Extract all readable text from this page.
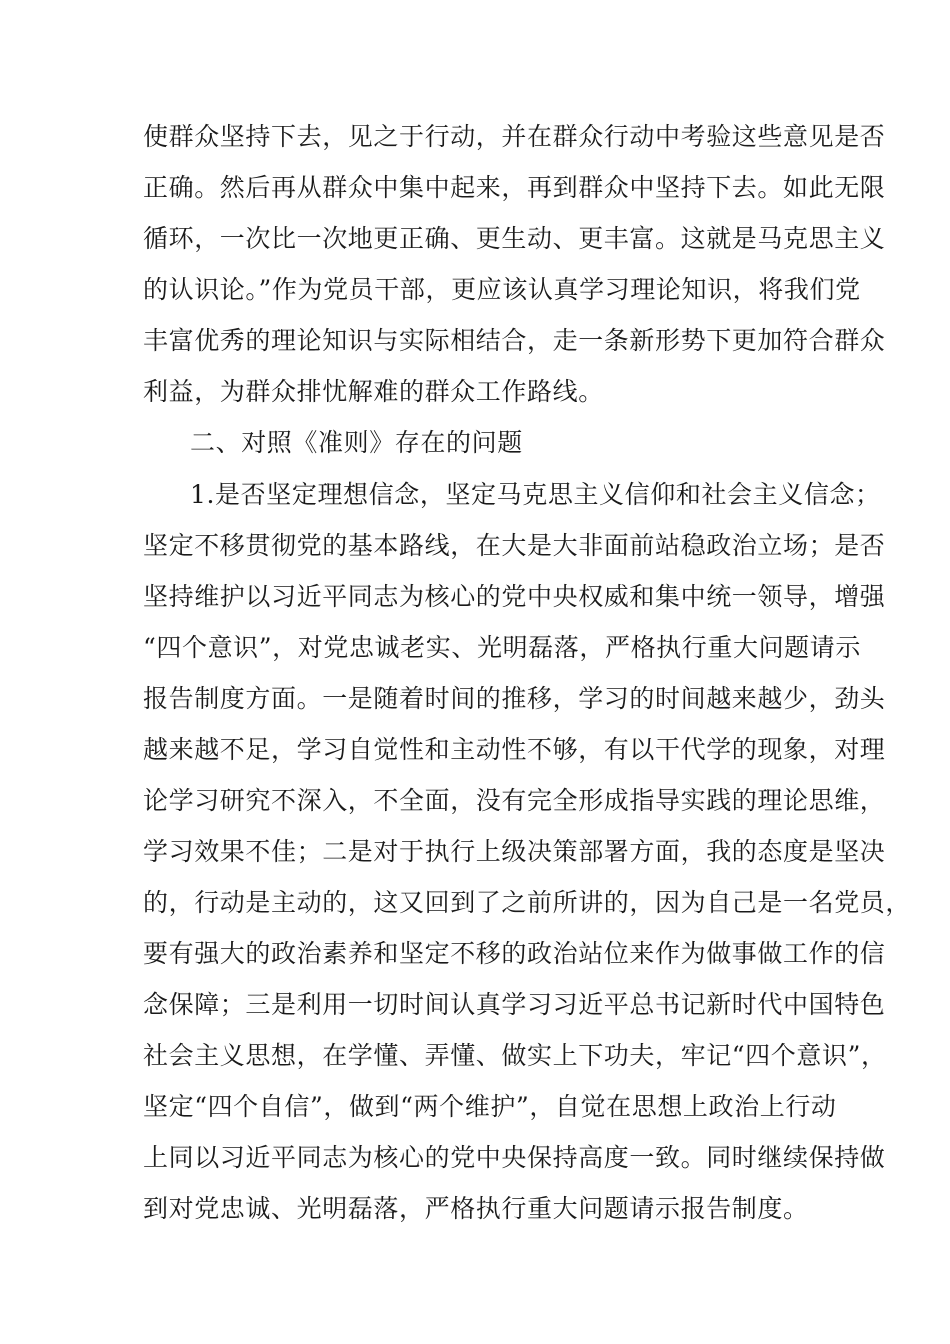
使群众坚持下去，见之于行动，并在群众行动中考验这些意见是否
正确。然后再从群众中集中起来，再到群众中坚持下去。如此无限
循环，一次比一次地更正确、更生动、更丰富。这就是马克思主义
的认识论。”作为党员干部，更应该认真学习理论知识，将我们党
丰富优秀的理论知识与实际相结合，走一条新形势下更加符合群众
利益，为群众排忧解难的群众工作路线。
二、对照《准则》存在的问题
1.是否坚定理想信念，坚定马克思主义信仰和社会主义信念；
坚定不移贯彻党的基本路线，在大是大非面前站稳政治立场；是否
坚持维护以习近平同志为核心的党中央权威和集中统一领导，增强
“四个意识”，对党忠诚老实、光明磊落，严格执行重大问题请示
报告制度方面。一是随着时间的推移，学习的时间越来越少，劲头
越来越不足，学习自觉性和主动性不够，有以干代学的现象，对理
论学习研究不深入，不全面，没有完全形成指导实践的理论思维，
学习效果不佳；二是对于执行上级决策部署方面，我的态度是坚决
的，行动是主动的，这又回到了之前所讲的，因为自己是一名党员，
要有强大的政治素养和坚定不移的政治站位来作为做事做工作的信
念保障；三是利用一切时间认真学习习近平总书记新时代中国特色
社会主义思想，在学懂、弄懂、做实上下功夫，牢记“四个意识”，
坚定“四个自信”，做到“两个维护”，自觉在思想上政治上行动
上同以习近平同志为核心的党中央保持高度一致。同时继续保持做
到对党忠诚、光明磊落，严格执行重大问题请示报告制度。
